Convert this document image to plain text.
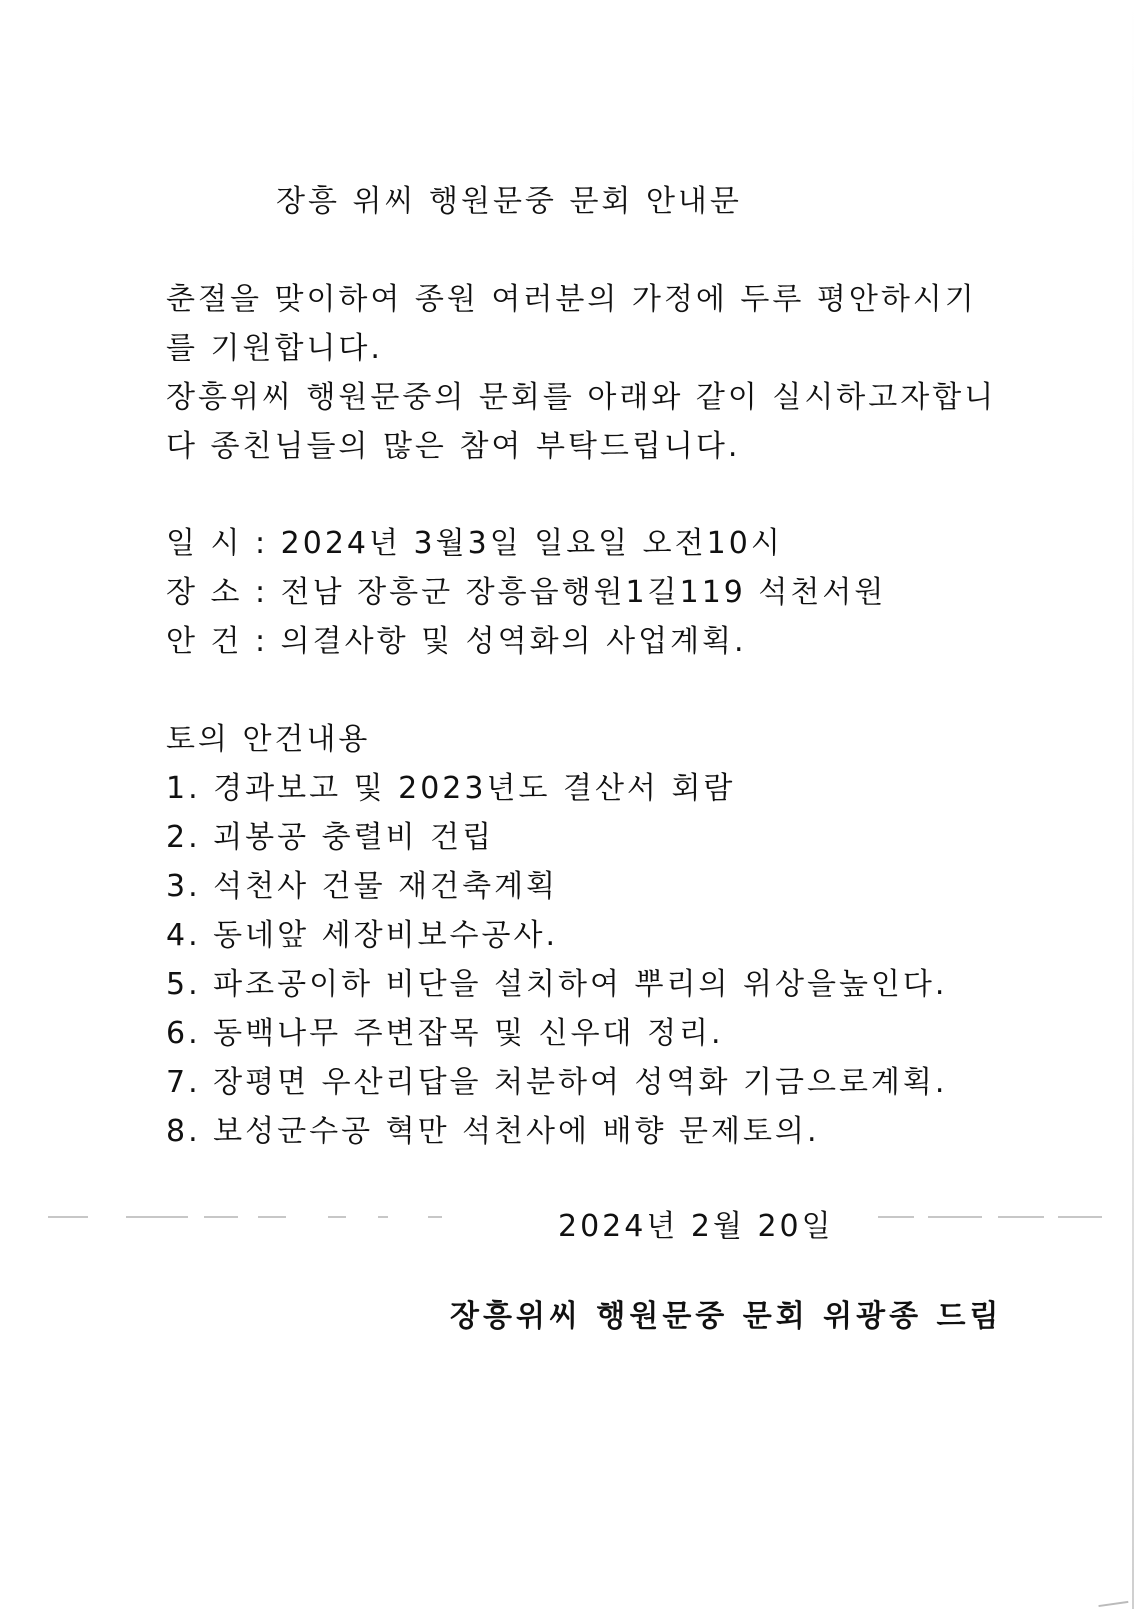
장흥 위씨 행원문중 문회 안내문
춘절을 맞이하여 종원 여러분의 가정에 두루 평안하시기
를 기원합니다.
장흥위씨 행원문중의 문회를 아래와 같이 실시하고자합니
다 종친님들의 많은 참여 부탁드립니다.
일 시 : 2024년 3월3일 일요일 오전10시
장 소 : 전남 장흥군 장흥읍행원1길119 석천서원
안 건 : 의결사항 및 성역화의 사업계획.
토의 안건내용
1. 경과보고 및 2023년도 결산서 회람
2. 괴봉공 충렬비 건립
3. 석천사 건물 재건축계획
4. 동네앞 세장비보수공사.
5. 파조공이하 비단을 설치하여 뿌리의 위상을높인다.
6. 동백나무 주변잡목 및 신우대 정리.
7. 장평면 우산리답을 처분하여 성역화 기금으로계획.
8. 보성군수공 혁만 석천사에 배향 문제토의.
2024년 2월 20일
장흥위씨 행원문중 문회 위광종 드림
